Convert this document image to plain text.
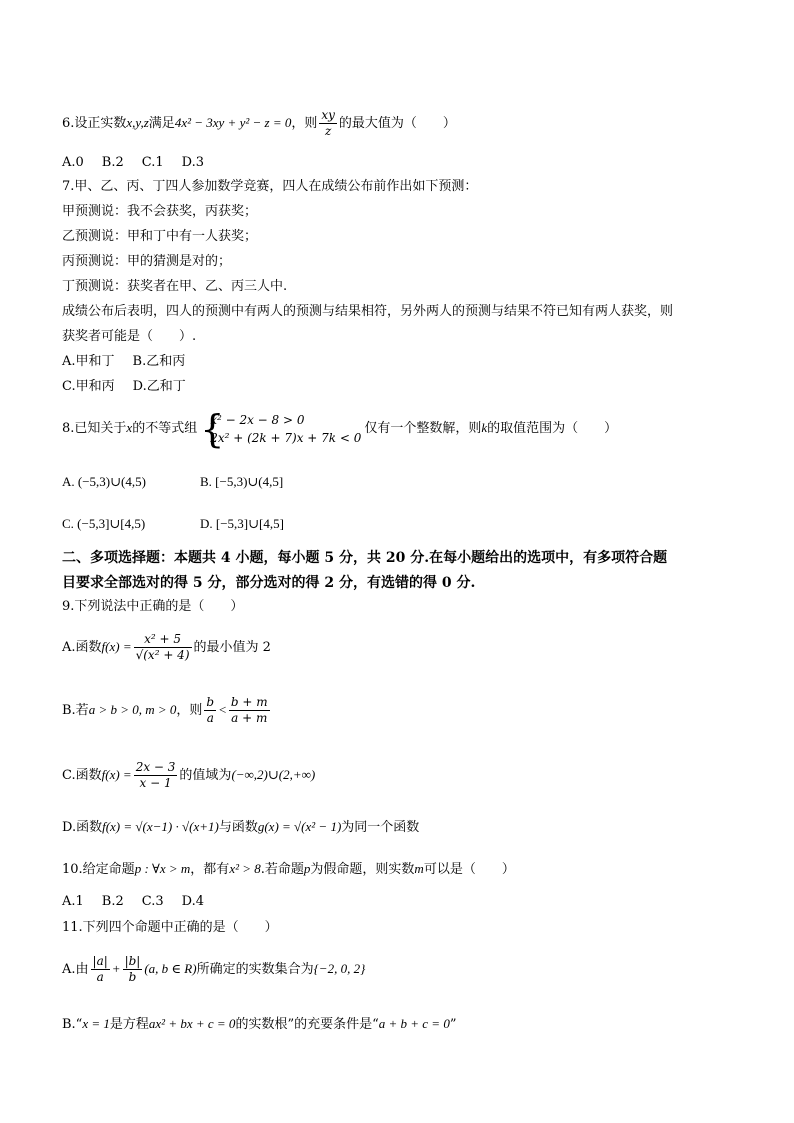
6.设正实数x,y,z满足4x² − 3xy + y² − z = 0，则 $\frac{xy}{z}$ 的最大值为（　　）
A.0 B.2 C.1 D.3
7.甲、乙、丙、丁四人参加数学竞赛，四人在成绩公布前作出如下预测：
甲预测说：我不会获奖，丙获奖；
乙预测说：甲和丁中有一人获奖；
丙预测说：甲的猜测是对的；
丁预测说：获奖者在甲、乙、丙三人中.
成绩公布后表明，四人的预测中有两人的预测与结果相符，另外两人的预测与结果不符已知有两人获奖，则
获奖者可能是（　　）.
A.甲和丁 B.乙和丙
C.甲和丙 D.乙和丁
8.已知关于x的不等式组 {
x² − 2x − 8 > 0
2x² + (2k + 7)x + 7k < 0
仅有一个整数解，则k的取值范围为（　　）
A. (−5,3)∪(4,5)	B. [−5,3)∪(4,5]
C. (−5,3]∪[4,5)	D. [−5,3]∪[4,5]
二、多项选择题：本题共 4 小题，每小题 5 分，共 20 分.在每小题给出的选项中，有多项符合题
目要求全部选对的得 5 分，部分选对的得 2 分，有选错的得 0 分.
9.下列说法中正确的是（　　）
A.函数$f(x) = \frac{\text{x² + 5}}{\text{√(x² + 4)}}$ 的最小值为 2
B.若a > b > 0, m > 0，则 $\frac{b}{a} < \frac{b + m}{a + m}$
C.函数$f(x) = \frac{2x - 3}{x - 1}$ 的值域为(−∞,2)∪(2,+∞)
D.函数f(x) = √(x−1) · √(x+1)与函数g(x) = √(x² − 1)为同一个函数
10.给定命题p : ∀x > m，都有x² > 8.若命题p为假命题，则实数m可以是（　　）
A.1 B.2 C.3 D.4
11.下列四个命题中正确的是（　　）
A.由 $\frac{|a|}{a} + \frac{|b|}{b} (a$, b ∈ R)所确定的实数集合为{−2, 0, 2}
B.“x = 1是方程ax² + bx + c = 0的实数根”的充要条件是“a + b + c = 0”
